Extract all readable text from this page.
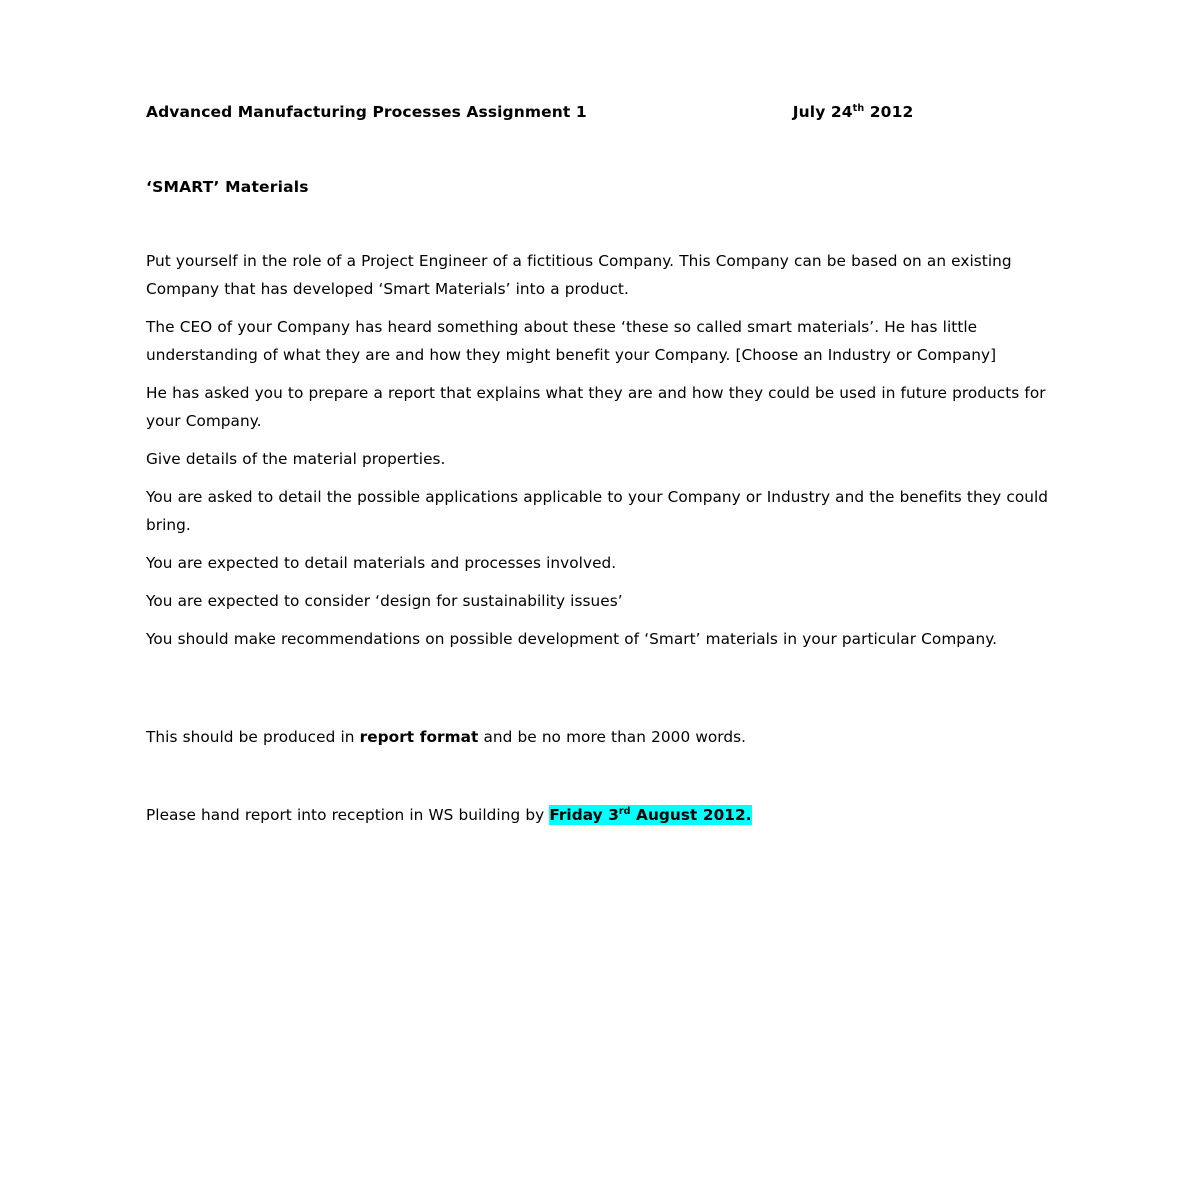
Advanced Manufacturing Processes Assignment 1	July 24th 2012
‘SMART’ Materials

Put yourself in the role of a Project Engineer of a fictitious Company. This Company can be based on an existing Company that has developed ‘Smart Materials’ into a product.

The CEO of your Company has heard something about these ‘these so called smart materials’. He has little understanding of what they are and how they might benefit your Company. [Choose an Industry or Company]

He has asked you to prepare a report that explains what they are and how they could be used in future products for your Company.

Give details of the material properties.

You are asked to detail the possible applications applicable to your Company or Industry and the benefits they could bring.

You are expected to detail materials and processes involved.

You are expected to consider ‘design for sustainability issues’

You should make recommendations on possible development of ‘Smart’ materials in your particular Company.

This should be produced in report format and be no more than 2000 words.

Please hand report into reception in WS building by Friday 3rd August 2012.
